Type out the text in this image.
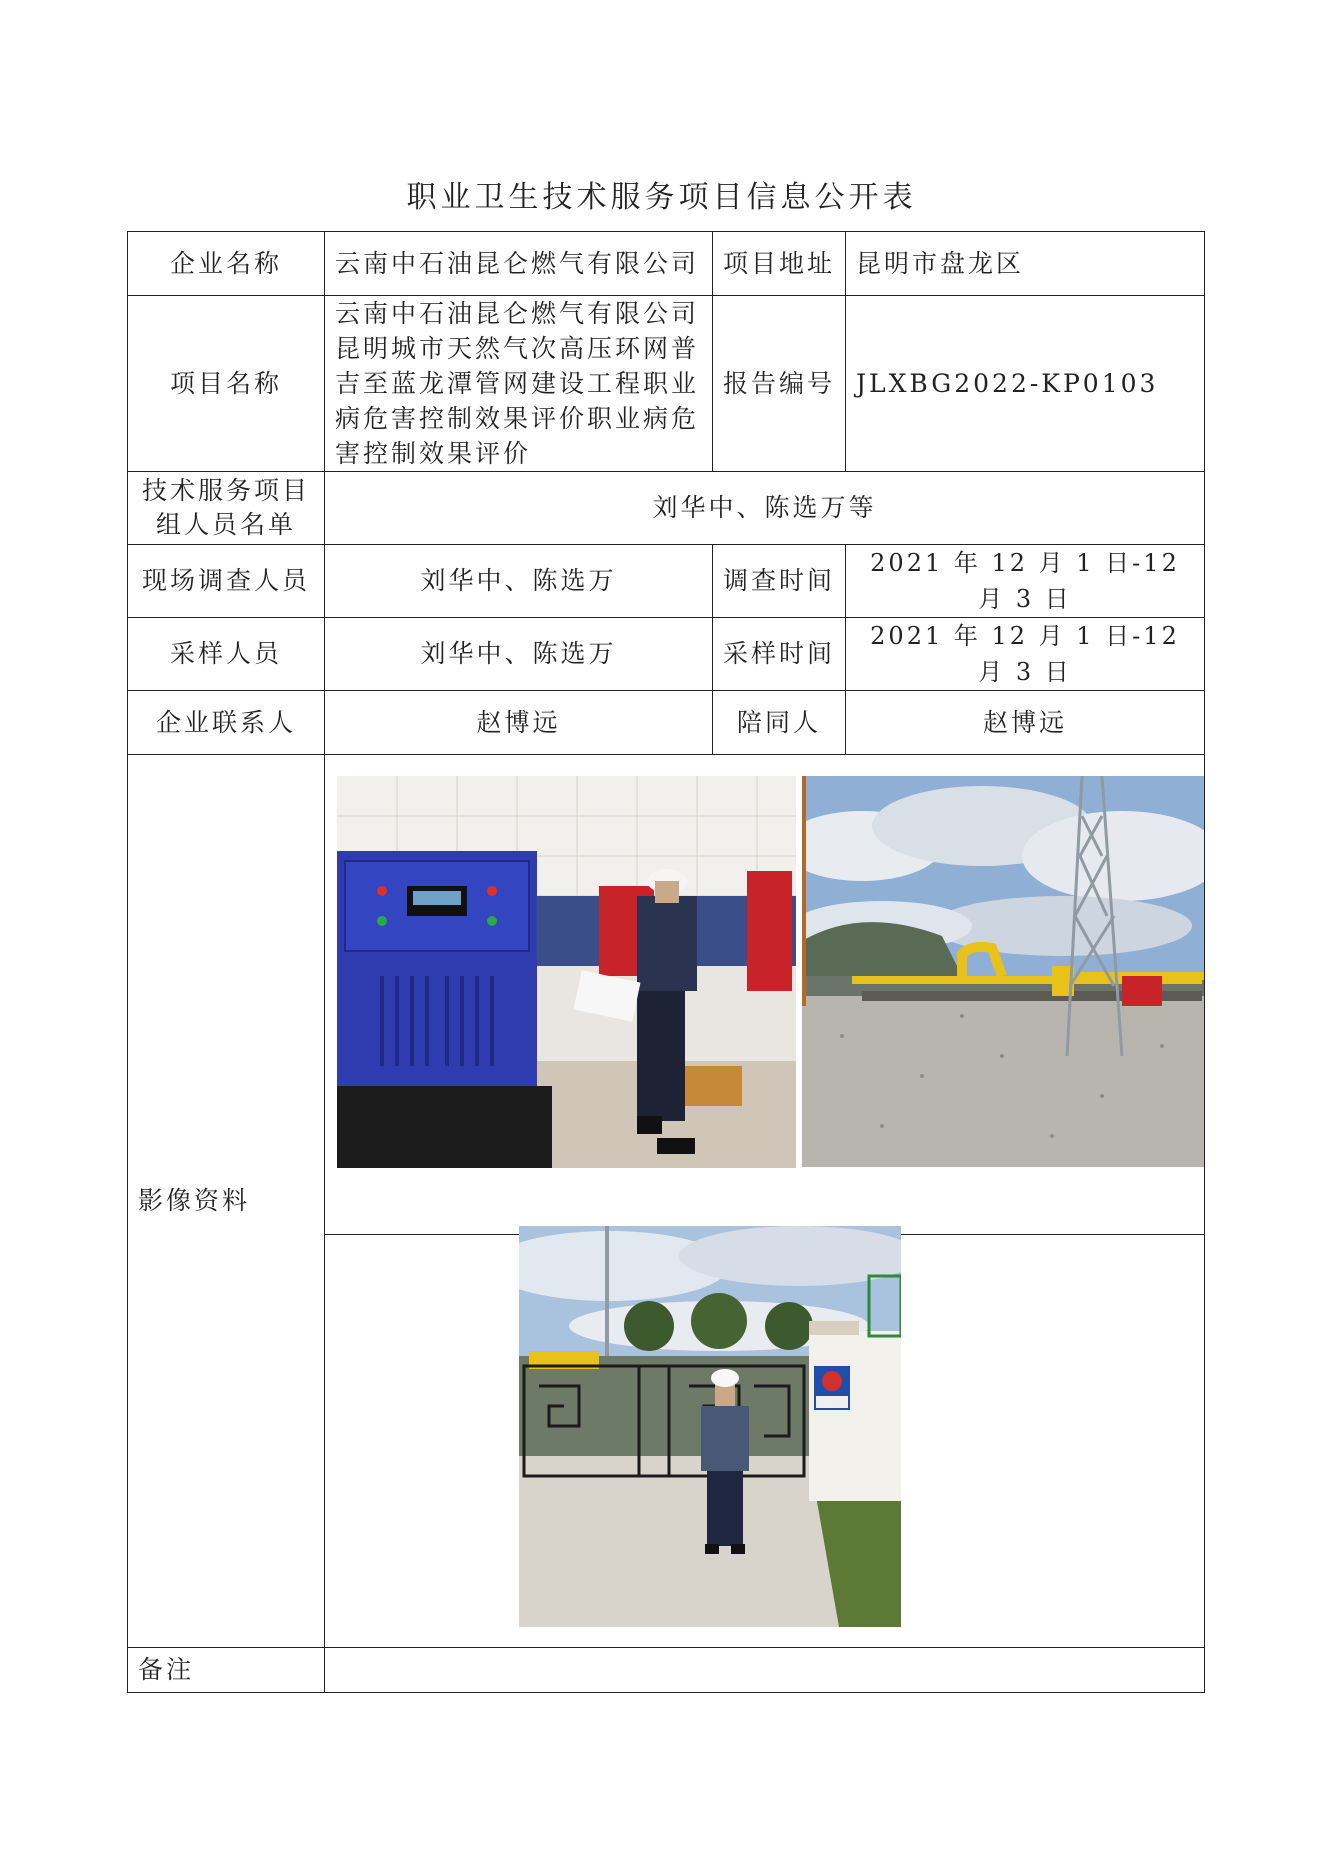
职业卫生技术服务项目信息公开表
企业名称	云南中石油昆仑燃气有限公司	项目地址	昆明市盘龙区
项目名称	云南中石油昆仑燃气有限公司昆明城市天然气次高压环网普吉至蓝龙潭管网建设工程职业病危害控制效果评价职业病危害控制效果评价	报告编号	JLXBG2022-KP0103
技术服务项目组人员名单	刘华中、陈选万等		
现场调查人员	刘华中、陈选万	调查时间	2021 年 12 月 1 日-12 月 3 日
采样人员	刘华中、陈选万	采样时间	2021 年 12 月 1 日-12 月 3 日
企业联系人	赵博远	陪同人	赵博远
影像资料			

备注			
